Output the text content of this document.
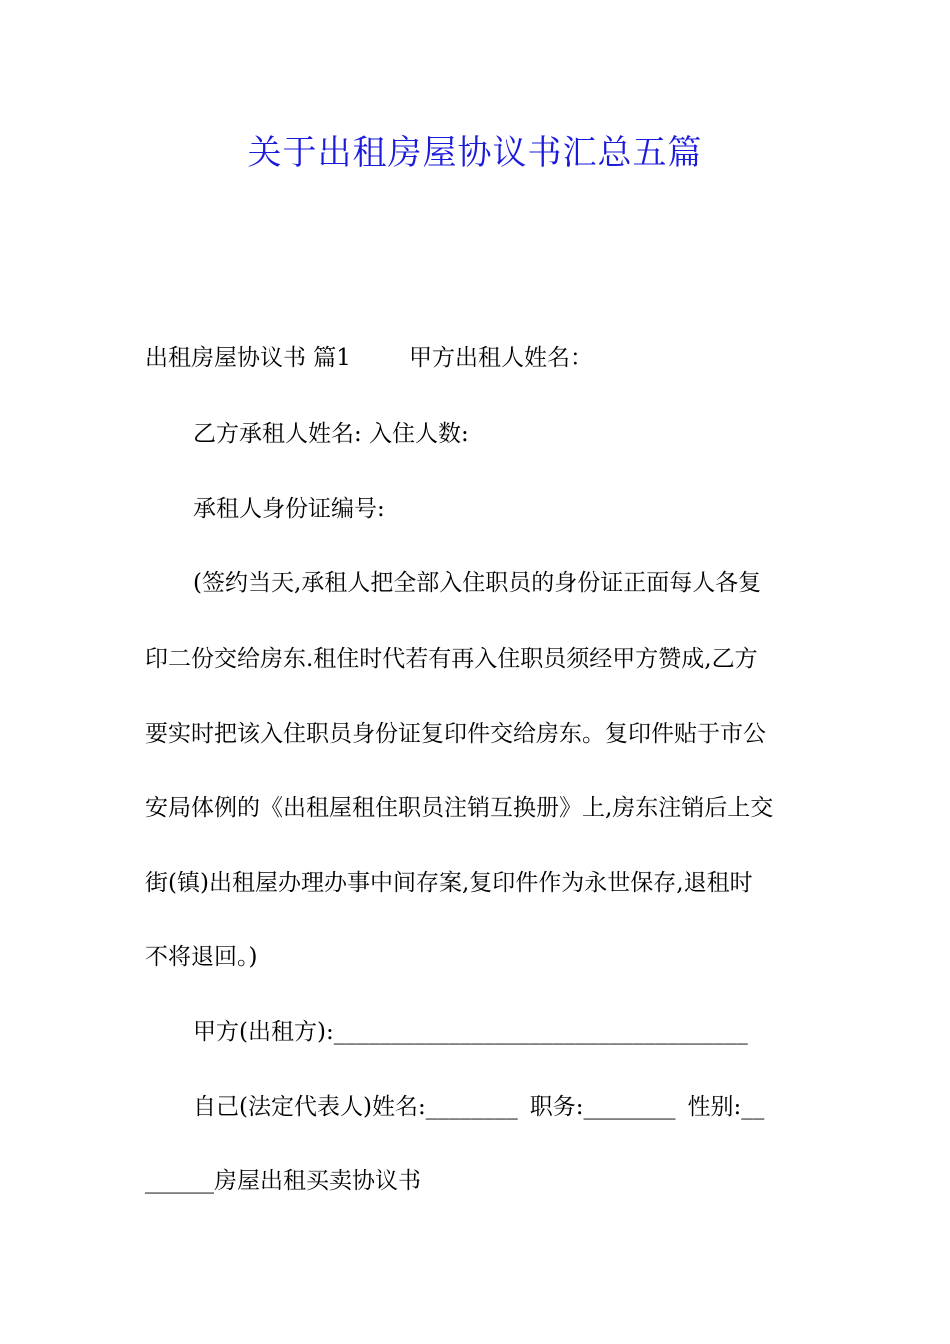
关于出租房屋协议书汇总五篇
出租房屋协议书 篇1	甲方出租人姓名：
乙方承租人姓名: 入住人数:
承租人身份证编号:
(签约当天,承租人把全部入住职员的身份证正面每人各复
印二份交给房东.租住时代若有再入住职员须经甲方赞成,乙方
要实时把该入住职员身份证复印件交给房东。复印件贴于市公
安局体例的《出租屋租住职员注销互换册》上,房东注销后上交
街(镇)出租屋办理办事中间存案,复印件作为永世保存,退租时
不将退回。)
甲方(出租方):____________________________________
自己(法定代表人)姓名:________ 职务:________ 性别:__
______房屋出租买卖协议书
